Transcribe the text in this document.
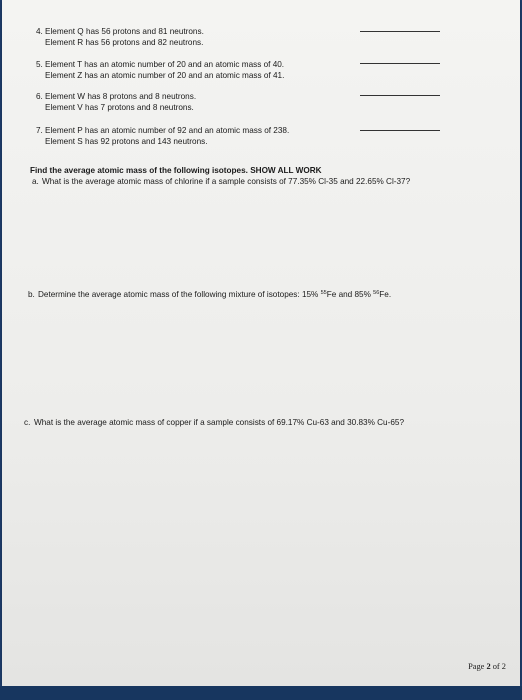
4. Element Q has 56 protons and 81 neutrons.
Element R has 56 protons and 82 neutrons.
5. Element T has an atomic number of 20 and an atomic mass of 40.
Element Z has an atomic number of 20 and an atomic mass of 41.
6. Element W has 8 protons and 8 neutrons.
Element V has 7 protons and 8 neutrons.
7. Element P has an atomic number of 92 and an atomic mass of 238.
Element S has 92 protons and 143 neutrons.
Find the average atomic mass of the following isotopes. SHOW ALL WORK
a. What is the average atomic mass of chlorine if a sample consists of 77.35% Cl-35 and 22.65% Cl-37?
b. Determine the average atomic mass of the following mixture of isotopes: 15% $^{55}$Fe and 85% $^{56}$Fe.
c. What is the average atomic mass of copper if a sample consists of 69.17% Cu-63 and 30.83% Cu-65?
Page 2 of 2
